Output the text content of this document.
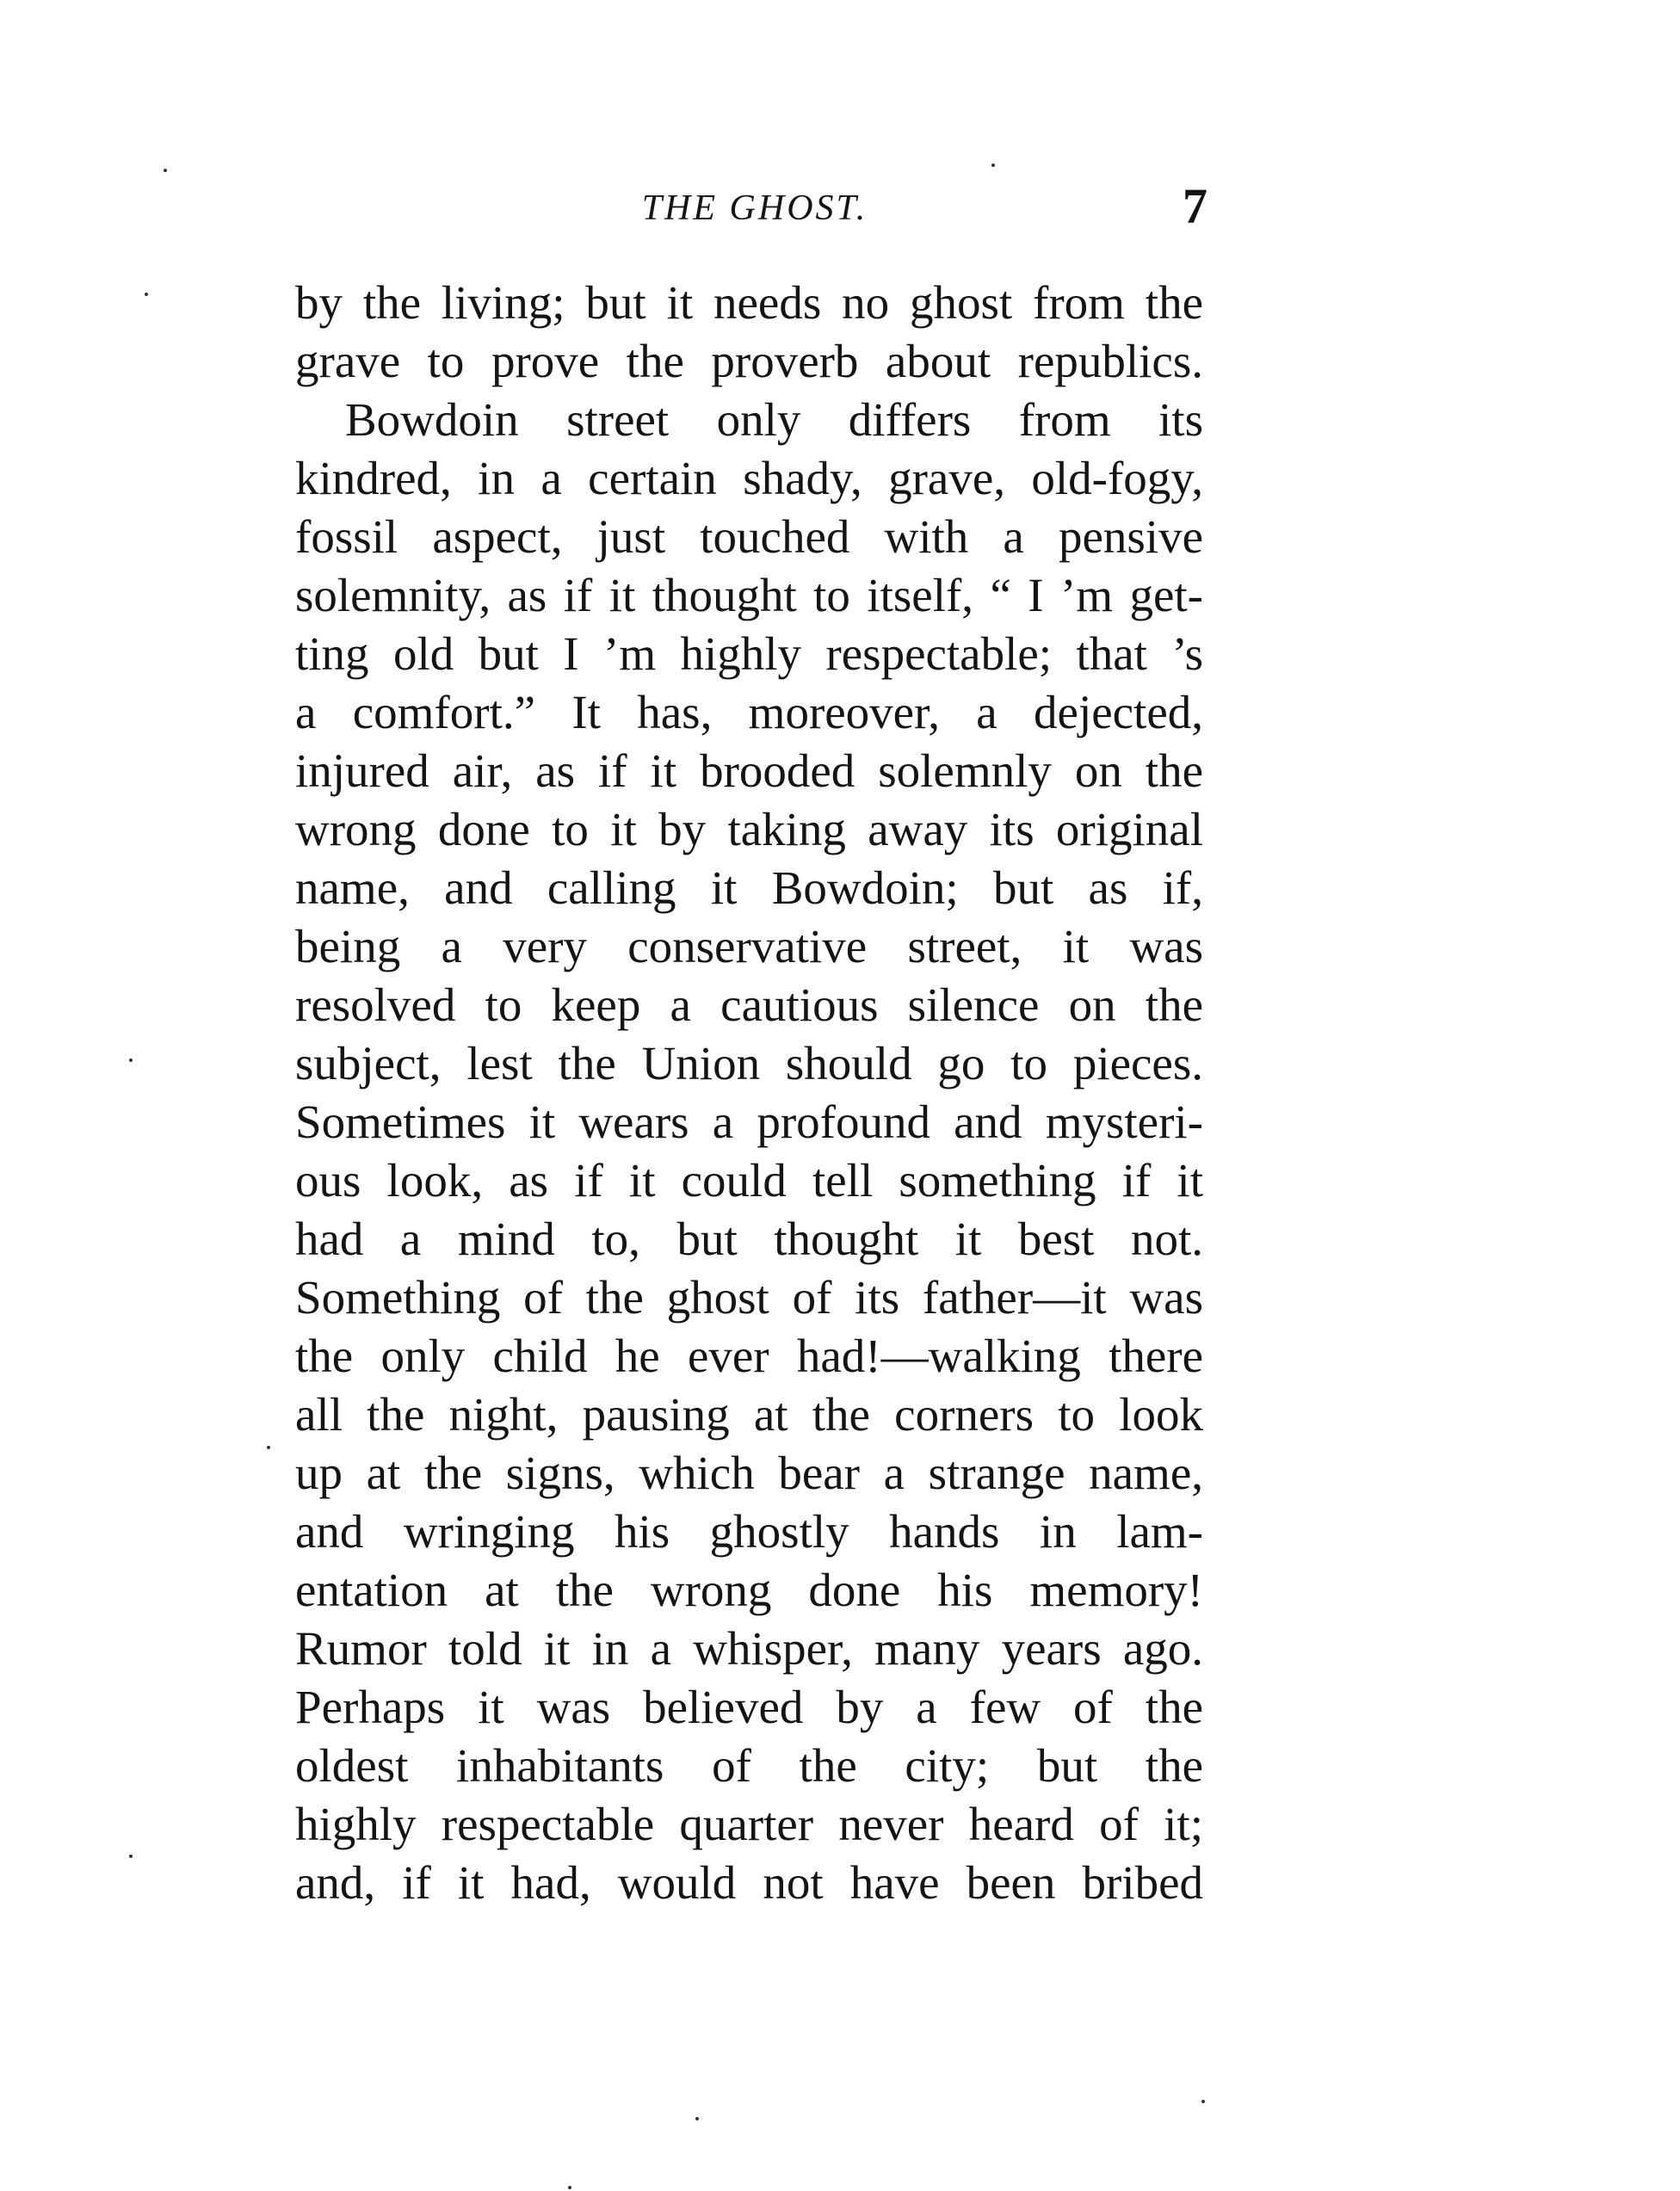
THE GHOST.	7
by the living; but it needs no ghost from the
grave to prove the proverb about republics.
Bowdoin street only differs from its
kindred, in a certain shady, grave, old-fogy,
fossil aspect, just touched with a pensive
solemnity, as if it thought to itself, “ I ’m get-
ting old but I ’m highly respectable; that ’s
a comfort.” It has, moreover, a dejected,
injured air, as if it brooded solemnly on the
wrong done to it by taking away its original
name, and calling it Bowdoin; but as if,
being a very conservative street, it was
resolved to keep a cautious silence on the
subject, lest the Union should go to pieces.
Sometimes it wears a profound and mysteri-
ous look, as if it could tell something if it
had a mind to, but thought it best not.
Something of the ghost of its father—it was
the only child he ever had!—walking there
all the night, pausing at the corners to look
up at the signs, which bear a strange name,
and wringing his ghostly hands in lam-
entation at the wrong done his memory!
Rumor told it in a whisper, many years ago.
Perhaps it was believed by a few of the
oldest inhabitants of the city; but the
highly respectable quarter never heard of it;
and, if it had, would not have been bribed
